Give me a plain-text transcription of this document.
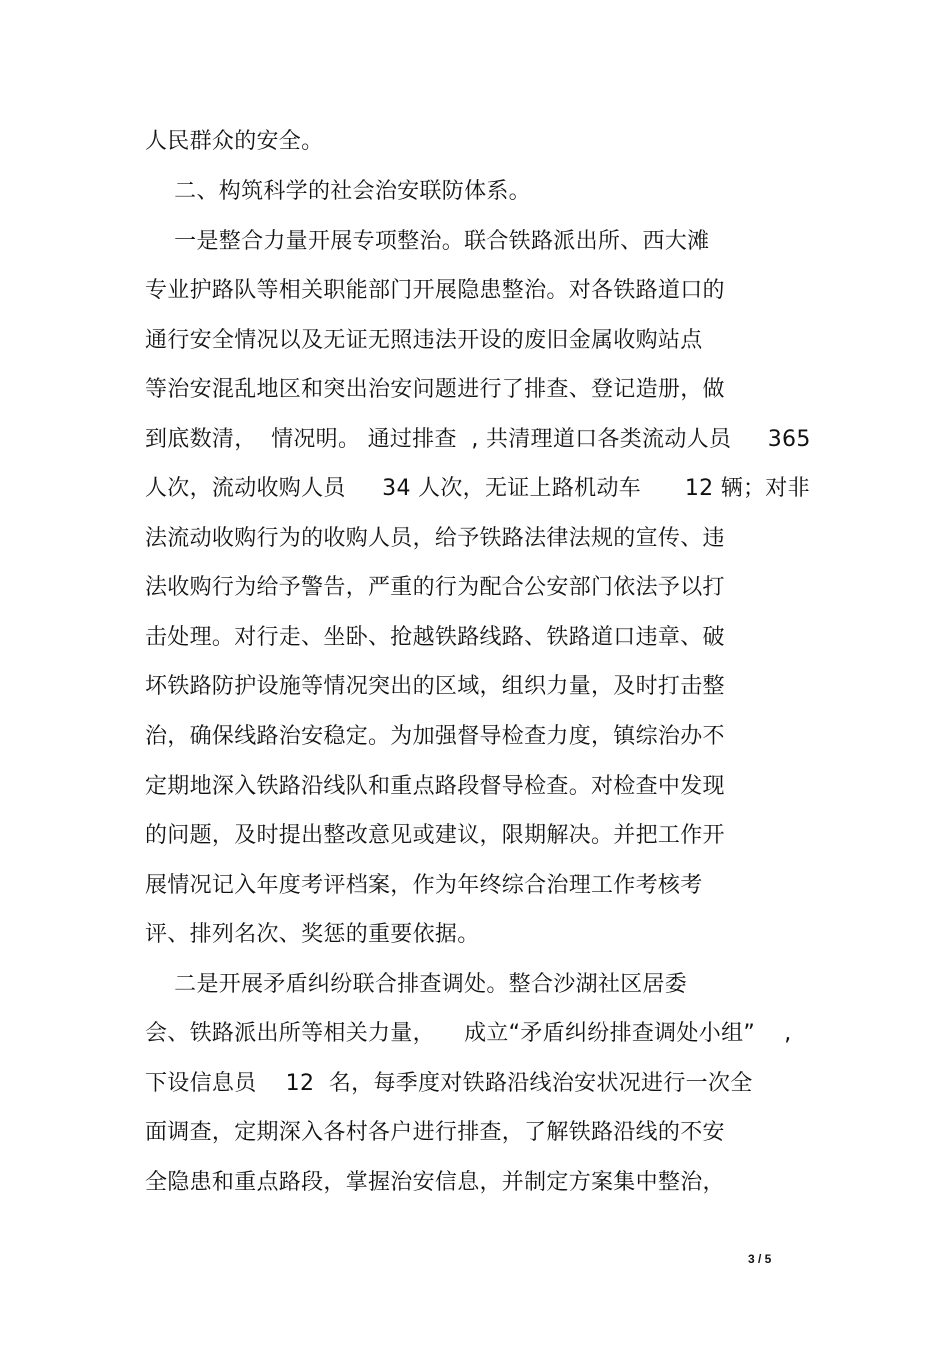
人民群众的安全。
二、构筑科学的社会治安联防体系。
一是整合力量开展专项整治。联合铁路派出所、西大滩
专业护路队等相关职能部门开展隐患整治。对各铁路道口的
通行安全情况以及无证无照违法开设的废旧金属收购站点
等治安混乱地区和突出治安问题进行了排查、登记造册，做
到底数清，  情况明。 通过排查  , 共清理道口各类流动人员     365
人次，流动收购人员     34 人次，无证上路机动车      12 辆；对非
法流动收购行为的收购人员，给予铁路法律法规的宣传、违
法收购行为给予警告，严重的行为配合公安部门依法予以打
击处理。对行走、坐卧、抢越铁路线路、铁路道口违章、破
坏铁路防护设施等情况突出的区域，组织力量，及时打击整
治，确保线路治安稳定。为加强督导检查力度，镇综治办不
定期地深入铁路沿线队和重点路段督导检查。对检查中发现
的问题，及时提出整改意见或建议，限期解决。并把工作开
展情况记入年度考评档案，作为年终综合治理工作考核考
评、排列名次、奖惩的重要依据。
二是开展矛盾纠纷联合排查调处。整合沙湖社区居委
会、铁路派出所等相关力量，    成立“矛盾纠纷排查调处小组”    ,
下设信息员    12  名，每季度对铁路沿线治安状况进行一次全
面调查，定期深入各村各户进行排查，了解铁路沿线的不安
全隐患和重点路段，掌握治安信息，并制定方案集中整治，
3 / 5
